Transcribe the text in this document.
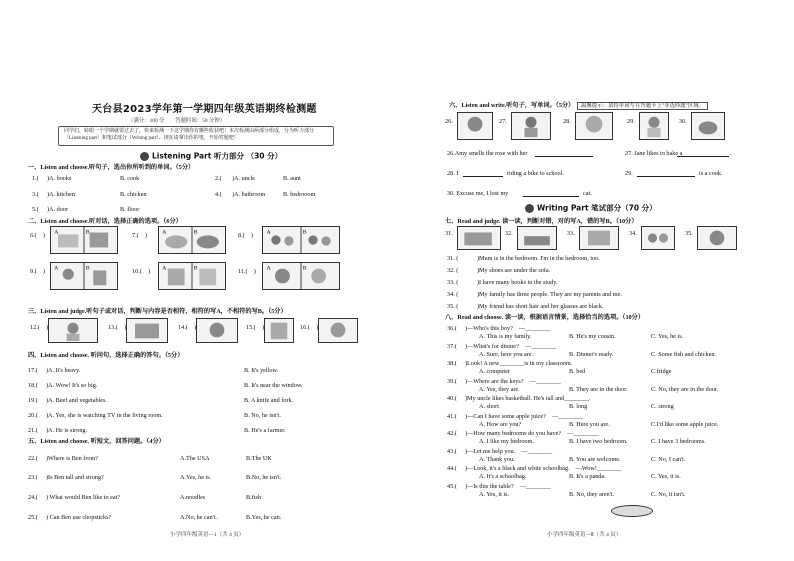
天台县2023学年第一学期四年级英语期终检测题
（满分：100 分　　答题时间：50 分钟）
同学们，转眼一个学期就要过去了，快来检测一下这学期你有哪些收获吧！本次检测由两部分组成，分为听力部分（Listening part）和笔试部分（Writing part）。现在请拿出你的笔，开始答题吧！
Listening Part 听力部分 （30 分）
一、Listen and choose.听句子，选出你所听到的单词。（5分）
1.( )A. books	B. cook	2.( )A. uncle	B. aunt
3.( )A. kitchen	B. chicken	4.( )A. bathroom	B. bedrooom
5.( )A. door	B. floor
二、Listen and choose.听对话，选择正确的选项。（6分）
6.(　) A	B	7.(　)	A	B	8.(　) A	B
9.(　) A	B	10.(　) A	B	11.(　) A	B
三、Listen and judge.听句子或对话，判断与内容是否相符，相符的写A，不相符的写B。（5分）
12.(　)	13.(　)	14.(　)	15.(　)	16.(　)
四、Listen and choose. 听问句，选择正确的答句。（5分）
17.( )A. It's heavy.	B. It's yellow.
18.( )A. Wow! It's so big.	B. It's near the window.
19.( )A. Beef and vegetables.	B. A knife and fork.
20.( )A. Yes, she is watching TV in the living room.	B. No, he isn't.
21.( )A. He is strong.	B. He's a farmer.
五、Listen and choose. 听短文，回答问题。（4分）
22.( )Where is Ben from?	A.The USA	B.The UK
23.( )Is Ben tall and strong?	A.Yes, he is.	B.No, he isn't.
24.( ) What would Ben like to eat?	A.noodles	B.fish
25.( ) Can Ben use chopsticks?	A.No, he can't.	B.Yes, he can.
小学四年级英语—1（共 4 页）
六、Listen and write.听句子，写单词。（5分）	温馨提示：请将单词写在答题卡上"非选择题"区域。
26.	27.	28.	29.	30.
26.Amy smells the rose with her	27. Jane likes to bake a	.
28. I	riding a bike to school.	29.	is a cook.
30. Excuse me, I lost my	cat.
Writing Part 笔试部分（70 分）
七、Read and judge. 读一读，判断对错，对的写A，错的写B。（10分）
31.	32.	33.	34.	35.
31. (	)Mum is in the bedroom. I'm in the bedroom, too.
32. (	)My shoes are under the sofa.
33. (	)I have many books in the study.
34. (	)My family has three people. They are my parents and me.
35. (	)My friend has short hair and her glasses are black.
八、Read and choose. 读一读，根据语言情景，选择恰当的选项。（10分）
36.( )—Who's this boy?　—________
A. This is my family.	B. He's my cousin.	C. Yes, he is.
37.( )—What's for dinner?　—________
A. Sure, here you are.	B. Dinner's ready.	C. Some fish and chicken.
38.( )Look! A new________is in my classroom.
A. computer	B. bed	C.fridge
39.( )—Where are the keys?　—________
A. Yes, they are.	B. They are in the door.	C. No, they are in the door.
40.( )My uncle likes basketball. He's tall and________.
A. short	B. long	C. strong
41.( )—Can I have some apple juice?　—________
A. How are you?	B. Here you are.	C.I'd like some apple juice.
42.( )—How many bedrooms do you have?　—________
A. I like my bedroom.	B. I have two bedroom.	C. I have 3 bedrooms.
43.( )—Let me help you.　—________
A. Thank you.	B. You are welcome.	C. No, I can't.
44.( )—Look, it's a black and white schoolbag.　—Wow!________
A. It's a schoolbag.	B. It's a panda.	C. Yes, it is.
45.( )—Is this the table?　—________
A. Yes, it is.	B. No, they aren't.	C. No, it isn't.
小学四年级英语—Ⅱ（共 4 页）
